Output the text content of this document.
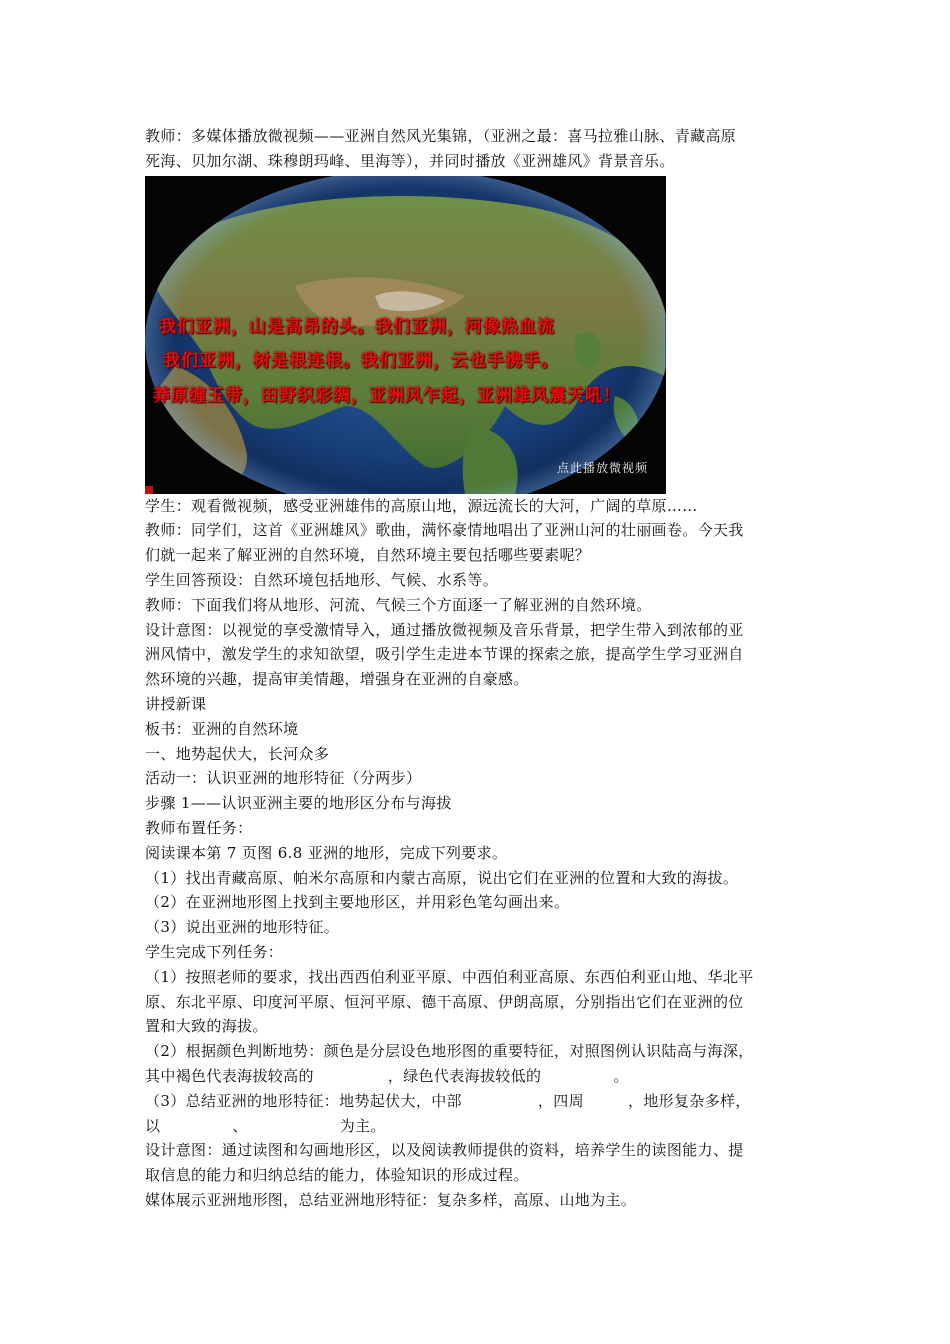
教师：多媒体播放微视频——亚洲自然风光集锦，（亚洲之最：喜马拉雅山脉、青藏高原

死海、贝加尔湖、珠穆朗玛峰、里海等），并同时播放《亚洲雄风》背景音乐。

我们亚洲，山是高昂的头。我们亚洲，河像热血流
我们亚洲，树是根连根。我们亚洲，云也手携手。
莽原缠玉带，田野织彩绸，亚洲风乍起，亚洲雄风震天吼！
点此播放微视频

学生：观看微视频，感受亚洲雄伟的高原山地，源远流长的大河，广阔的草原……

教师：同学们，这首《亚洲雄风》歌曲，满怀豪情地唱出了亚洲山河的壮丽画卷。今天我

们就一起来了解亚洲的自然环境，自然环境主要包括哪些要素呢？

学生回答预设：自然环境包括地形、气候、水系等。

教师：下面我们将从地形、河流、气候三个方面逐一了解亚洲的自然环境。

设计意图：以视觉的享受激情导入，通过播放微视频及音乐背景，把学生带入到浓郁的亚

洲风情中，激发学生的求知欲望，吸引学生走进本节课的探索之旅，提高学生学习亚洲自

然环境的兴趣，提高审美情趣，增强身在亚洲的自豪感。

讲授新课

板书：亚洲的自然环境

一、地势起伏大，长河众多

活动一：认识亚洲的地形特征（分两步）

步骤 1——认识亚洲主要的地形区分布与海拔

教师布置任务：

阅读课本第 7 页图 6.8 亚洲的地形，完成下列要求。

（1）找出青藏高原、帕米尔高原和内蒙古高原，说出它们在亚洲的位置和大致的海拔。

（2）在亚洲地形图上找到主要地形区，并用彩色笔勾画出来。

（3）说出亚洲的地形特征。

学生完成下列任务：

（1）按照老师的要求，找出西西伯利亚平原、中西伯利亚高原、东西伯利亚山地、华北平

原、东北平原、印度河平原、恒河平原、德干高原、伊朗高原，分别指出它们在亚洲的位

置和大致的海拔。

（2）根据颜色判断地势：颜色是分层设色地形图的重要特征，对照图例认识陆高与海深，

其中褐色代表海拔较高的	，绿色代表海拔较低的	。

（3）总结亚洲的地形特征：地势起伏大，中部	，四周	，地形复杂多样，

以	、	为主。

设计意图：通过读图和勾画地形区，以及阅读教师提供的资料，培养学生的读图能力、提

取信息的能力和归纳总结的能力，体验知识的形成过程。

媒体展示亚洲地形图，总结亚洲地形特征：复杂多样，高原、山地为主。
